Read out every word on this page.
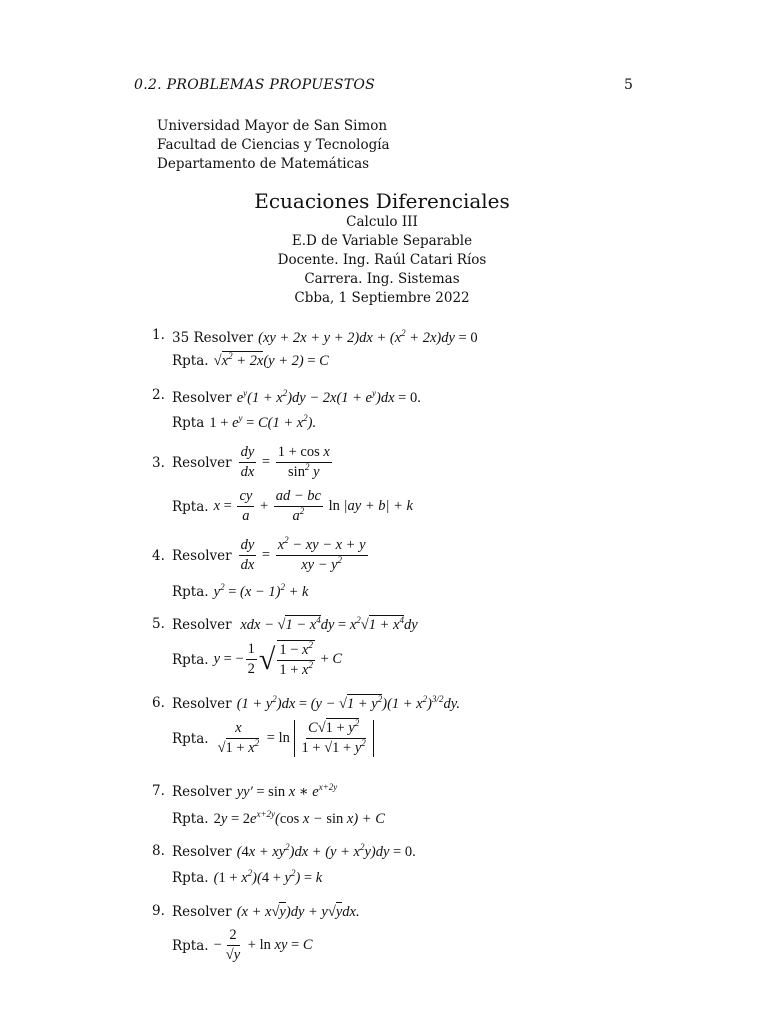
0.2. PROBLEMAS PROPUESTOS	5
Universidad Mayor de San Simon
Facultad de Ciencias y Tecnología
Departamento de Matemáticas
Ecuaciones Diferenciales
Calculo III
E.D de Variable Separable
Docente. Ing. Raúl Catari Ríos
Carrera. Ing. Sistemas
Cbba, 1 Septiembre 2022
1. 35 Resolver $(xy + 2x + y + 2)dx + (x^2 + 2x)dy = 0$
Rpta. $√x^2 + 2x(y + 2) = C$
2. Resolver $e^y(1 + x^2)dy - 2x(1 + e^y)dx = 0$.
Rpta $1 + e^y = C(1 + x^2)$.
3. Resolver $\frac{dy}{dx} = \frac{\text{1 + cos x}}{\sin^2 y}$
Rpta. $x = \frac{cy}{a} + \frac{ad - bc}{a^2}$ ln |ay + b| + k
4. Resolver $\frac{dy}{dx} = \frac{x^2 - xy - x + y}{xy - y^2}$
Rpta. $y^2 = (x - 1)^2 + k$
5. Resolver  xdx − $√1 - x^4dy = x^2√1 + x^4dy$
Rpta. y = − $\frac{1}{2}$ √ $\frac{1 - x^2}{1 + x^2} + C$
6. Resolver $(1 + y^2)dx = (y - √1 + y^2)(1 + x^2)^{3/2}dy$.
Rpta. $\frac{x}{√1 + x^2} = \ln \frac{C√1 + y^2}{1 + √1 + y^2}$
7. Resolver yy′ = sin x ∗ $e^{x+2y}$
Rpta. $2y = 2e^{x+2y}(\cos$ x − sin x) + C
8. Resolver $(4x + xy^2)dx + (y + x^2y)dy = 0$.
Rpta. $(1 + x^2)(4 + y^2) = k$
9. Resolver (x + x√y)dy + y√ydx.
Rpta. − $\frac{2}{√y} + \ln$ xy = C
